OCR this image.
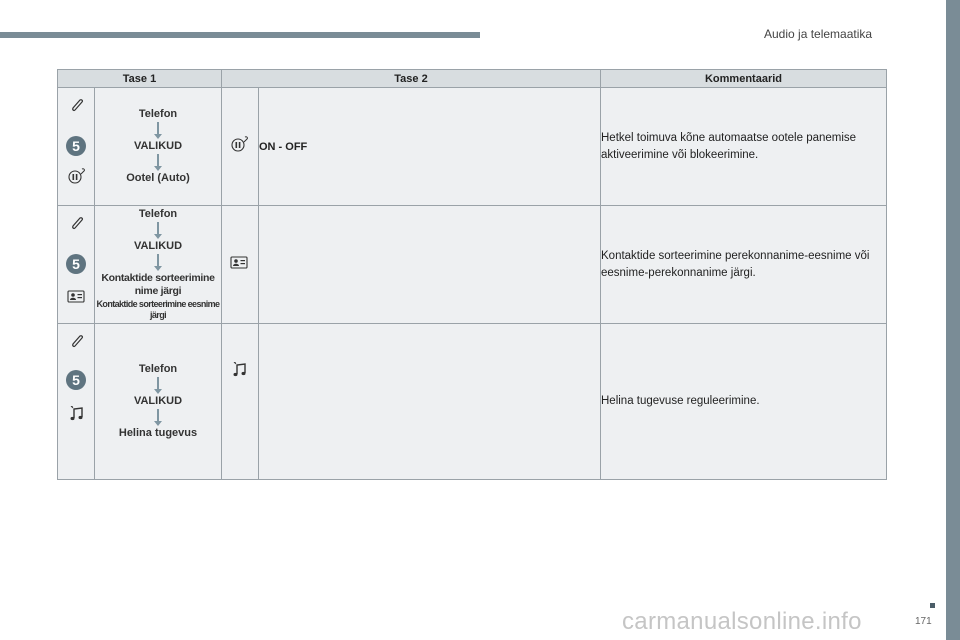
Audio ja telemaatika
Tase 1		Tase 2		Kommentaarid

5	Telefon
VALIKUD
Ootel (Auto)		ON - OFF	Hetkel toimuva kõne automaatse ootele panemise aktiveerimine või blokeerimine.

5	Telefon
VALIKUD
Kontaktide sorteerimine nime järgi
Kontaktide sorteerimine eesnime järgi			Kontaktide sorteerimine perekonnanime-eesnime või eesnime-perekonnanime järgi.

5	Telefon
VALIKUD
Helina tugevus			Helina tugevuse reguleerimine.
carmanualsonline.info	171
